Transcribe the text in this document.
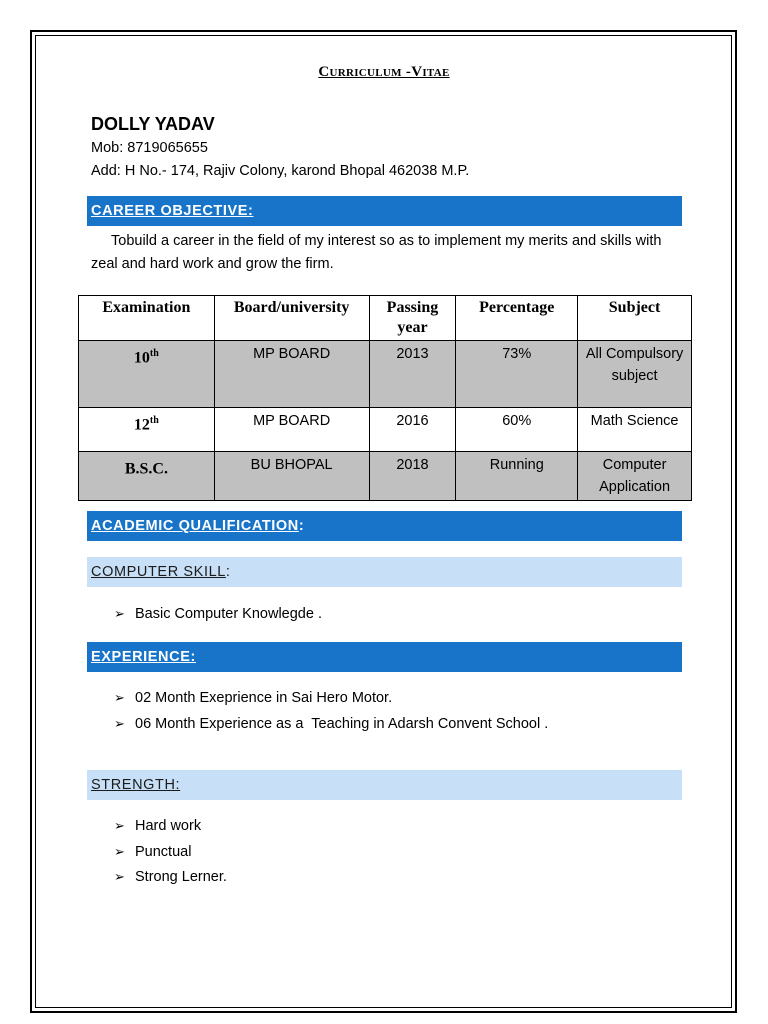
Curriculum -Vitae
DOLLY YADAV
Mob: 8719065655
Add: H No.- 174, Rajiv Colony, karond Bhopal 462038 M.P.
CAREER OBJECTIVE:
Tobuild a career in the field of my interest so as to implement my merits and skills with zeal and hard work and grow the firm.
Examination	Board/university	Passing year	Percentage	Subject
10th	MP BOARD	2013	73%	All Compulsory subject
12th	MP BOARD	2016	60%	Math Science
B.S.C.	BU BHOPAL	2018	Running	Computer Application
ACADEMIC QUALIFICATION:
COMPUTER SKILL:
➢ Basic Computer Knowlegde .
EXPERIENCE:
➢ 02 Month Exeprience in Sai Hero Motor.
➢ 06 Month Experience as a  Teaching in Adarsh Convent School .
STRENGTH:
➢ Hard work
➢ Punctual
➢ Strong Lerner.
